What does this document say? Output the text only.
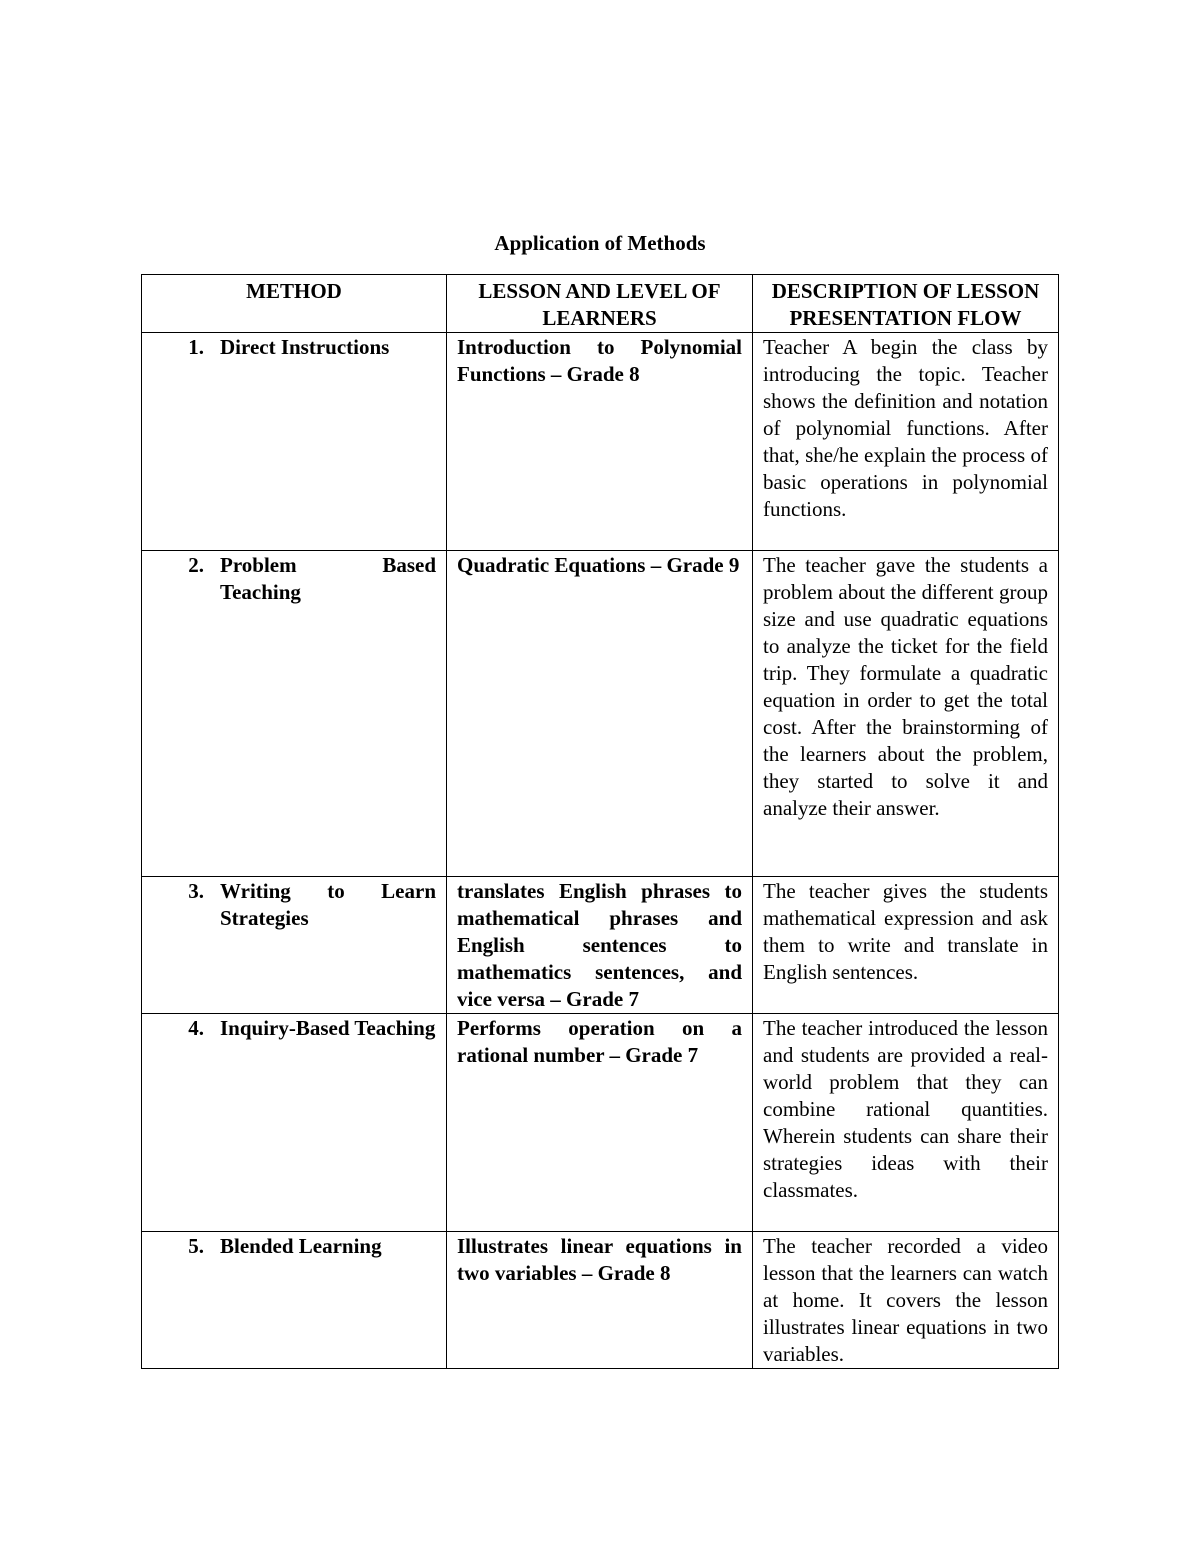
Application of Methods
METHOD	LESSON AND LEVEL OF LEARNERS	DESCRIPTION OF LESSON PRESENTATION FLOW

1. Direct Instructions	Introduction to Polynomial Functions – Grade 8	Teacher A begin the class by introducing the topic. Teacher shows the definition and notation of polynomial functions. After that, she/he explain the process of basic operations in polynomial functions.

2. Problem Based Teaching	Quadratic Equations – Grade 9	The teacher gave the students a problem about the different group size and use quadratic equations to analyze the ticket for the field trip. They formulate a quadratic equation in order to get the total cost. After the brainstorming of the learners about the problem, they started to solve it and analyze their answer.

3. Writing to Learn Strategies	translates English phrases to mathematical phrases and English sentences to mathematics sentences, and vice versa – Grade 7	The teacher gives the students mathematical expression and ask them to write and translate in English sentences.

4. Inquiry-Based Teaching	Performs operation on a rational number – Grade 7	The teacher introduced the lesson and students are provided a real-world problem that they can combine rational quantities. Wherein students can share their strategies ideas with their classmates.

5. Blended Learning	Illustrates linear equations in two variables – Grade 8	The teacher recorded a video lesson that the learners can watch at home. It covers the lesson illustrates linear equations in two variables.
